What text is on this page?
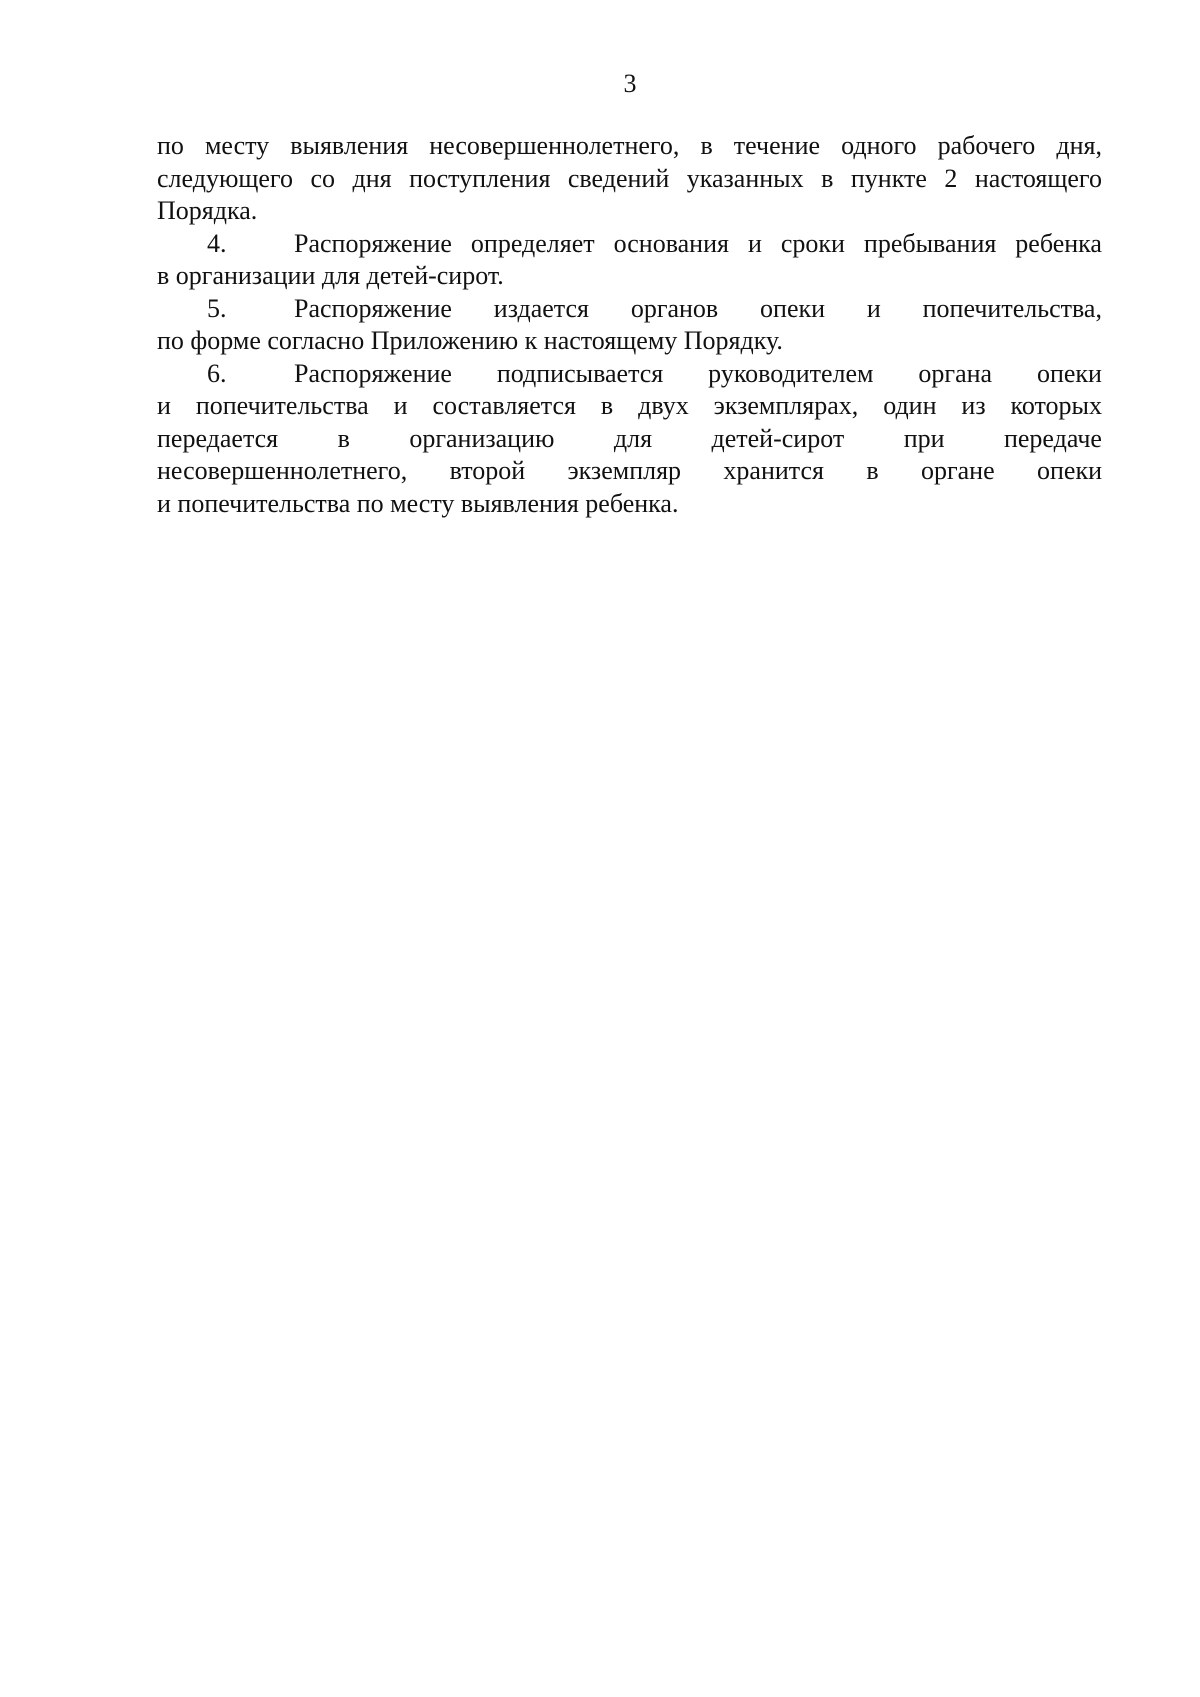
3
по месту выявления несовершеннолетнего, в течение одного рабочего дня,
следующего со дня поступления сведений указанных в пункте 2 настоящего
Порядка.
4.	Распоряжение определяет основания и сроки пребывания ребенка
в организации для детей-сирот.
5.	Распоряжение издается органов опеки и попечительства,
по форме согласно Приложению к настоящему Порядку.
6.	Распоряжение подписывается руководителем органа опеки
и попечительства и составляется в двух экземплярах, один из которых
передается в организацию для детей-сирот при передаче
несовершеннолетнего, второй экземпляр хранится в органе опеки
и попечительства по месту выявления ребенка.
